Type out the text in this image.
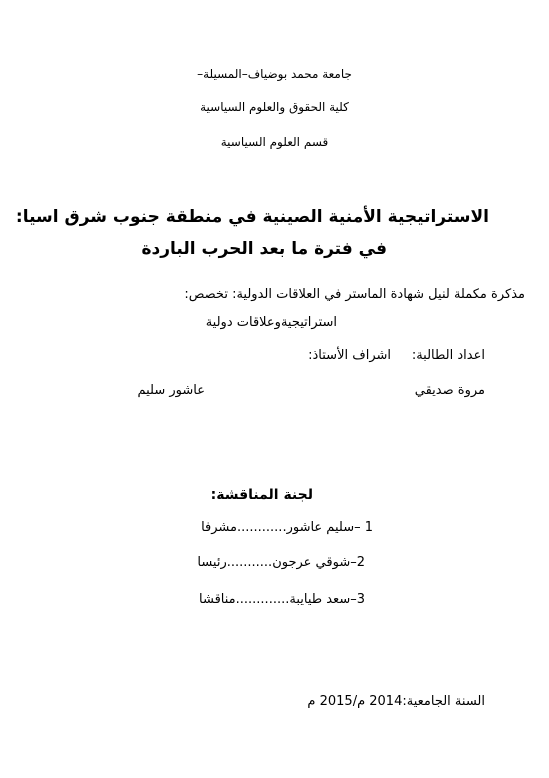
جامعة محمد بوضياف–المسيلة–
كلية الحقوق والعلوم السياسية
قسم العلوم السياسية
الاستراتيجية الأمنية الصينية في منطقة جنوب شرق اسيا:
في فترة ما بعد الحرب الباردة
مذكرة مكملة لنيل شهادة الماستر في العلاقات الدولية: تخصص:
استراتيجيةوعلاقات دولية
اعداد الطالبة:
اشراف الأستاذ:
مروة صديقي
عاشور سليم
لجنة المناقشة:
1 –سليم عاشور............مشرفا
2–شوقي عرجون...........رئيسا
3–سعد طيايبة.............مناقشا
السنة الجامعية:2014 م/2015 م
